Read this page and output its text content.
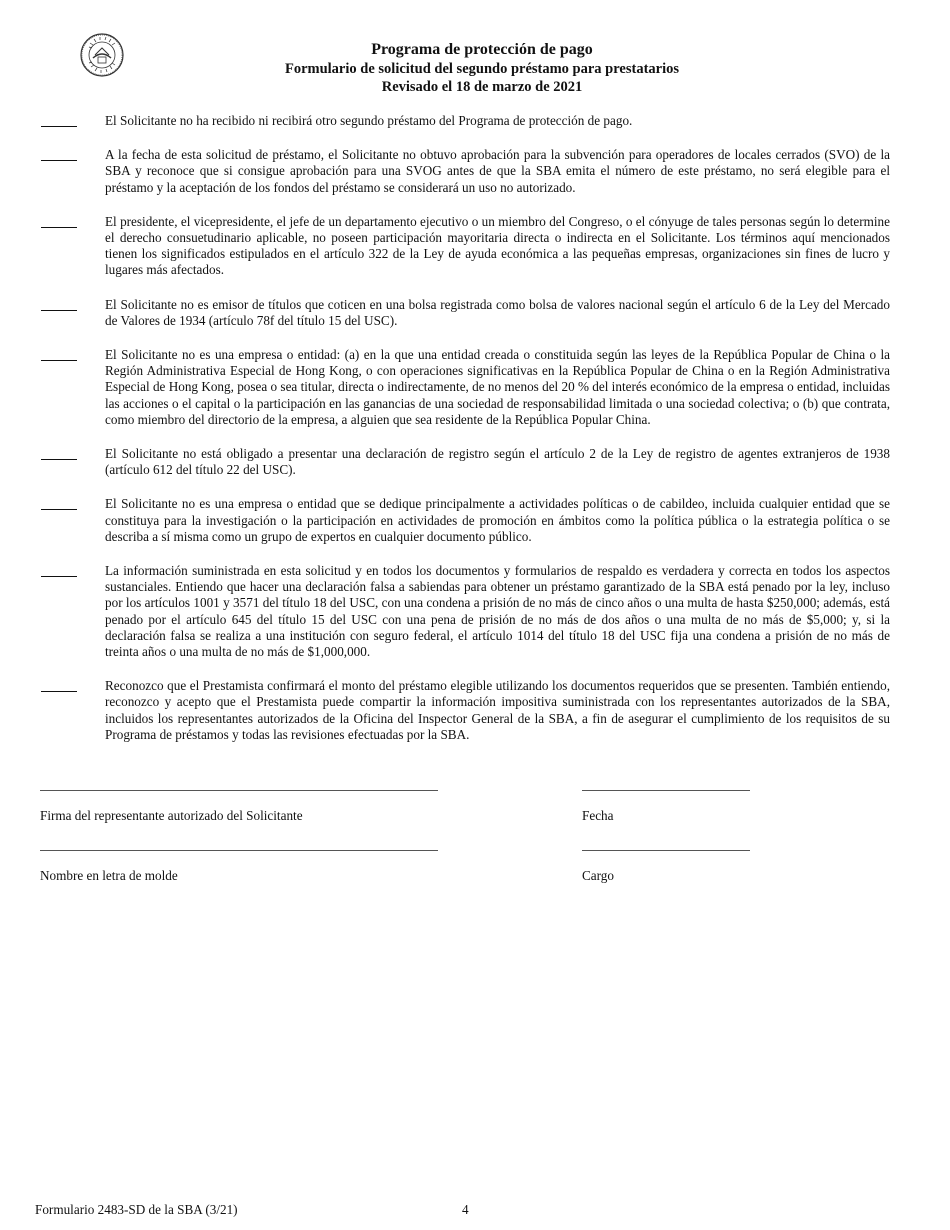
Programa de protección de pago
Formulario de solicitud del segundo préstamo para prestatarios
Revisado el 18 de marzo de 2021
El Solicitante no ha recibido ni recibirá otro segundo préstamo del Programa de protección de pago.
A la fecha de esta solicitud de préstamo, el Solicitante no obtuvo aprobación para la subvención para operadores de locales cerrados (SVO) de la SBA y reconoce que si consigue aprobación para una SVOG antes de que la SBA emita el número de este préstamo, no será elegible para el préstamo y la aceptación de los fondos del préstamo se considerará un uso no autorizado.
El presidente, el vicepresidente, el jefe de un departamento ejecutivo o un miembro del Congreso, o el cónyuge de tales personas según lo determine el derecho consuetudinario aplicable, no poseen participación mayoritaria directa o indirecta en el Solicitante. Los términos aquí mencionados tienen los significados estipulados en el artículo 322 de la Ley de ayuda económica a las pequeñas empresas, organizaciones sin fines de lucro y lugares más afectados.
El Solicitante no es emisor de títulos que coticen en una bolsa registrada como bolsa de valores nacional según el artículo 6 de la Ley del Mercado de Valores de 1934 (artículo 78f del título 15 del USC).
El Solicitante no es una empresa o entidad: (a) en la que una entidad creada o constituida según las leyes de la República Popular de China o la Región Administrativa Especial de Hong Kong, o con operaciones significativas en la República Popular de China o en la Región Administrativa Especial de Hong Kong, posea o sea titular, directa o indirectamente, de no menos del 20 % del interés económico de la empresa o entidad, incluidas las acciones o el capital o la participación en las ganancias de una sociedad de responsabilidad limitada o una sociedad colectiva; o (b) que contrata, como miembro del directorio de la empresa, a alguien que sea residente de la República Popular China.
El Solicitante no está obligado a presentar una declaración de registro según el artículo 2 de la Ley de registro de agentes extranjeros de 1938 (artículo 612 del título 22 del USC).
El Solicitante no es una empresa o entidad que se dedique principalmente a actividades políticas o de cabildeo, incluida cualquier entidad que se constituya para la investigación o la participación en actividades de promoción en ámbitos como la política pública o la estrategia política o se describa a sí misma como un grupo de expertos en cualquier documento público.
La información suministrada en esta solicitud y en todos los documentos y formularios de respaldo es verdadera y correcta en todos los aspectos sustanciales. Entiendo que hacer una declaración falsa a sabiendas para obtener un préstamo garantizado de la SBA está penado por la ley, incluso por los artículos 1001 y 3571 del título 18 del USC, con una condena a prisión de no más de cinco años o una multa de hasta $250,000; además, está penado por el artículo 645 del título 15 del USC con una pena de prisión de no más de dos años o una multa de no más de $5,000; y, si la declaración falsa se realiza a una institución con seguro federal, el artículo 1014 del título 18 del USC fija una condena a prisión de no más de treinta años o una multa de no más de $1,000,000.
Reconozco que el Prestamista confirmará el monto del préstamo elegible utilizando los documentos requeridos que se presenten. También entiendo, reconozco y acepto que el Prestamista puede compartir la información impositiva suministrada con los representantes autorizados de la SBA, incluidos los representantes autorizados de la Oficina del Inspector General de la SBA, a fin de asegurar el cumplimiento de los requisitos de su Programa de préstamos y todas las revisiones efectuadas por la SBA.
Firma del representante autorizado del Solicitante	Fecha
Nombre en letra de molde	Cargo
Formulario 2483-SD de la SBA (3/21)	4
